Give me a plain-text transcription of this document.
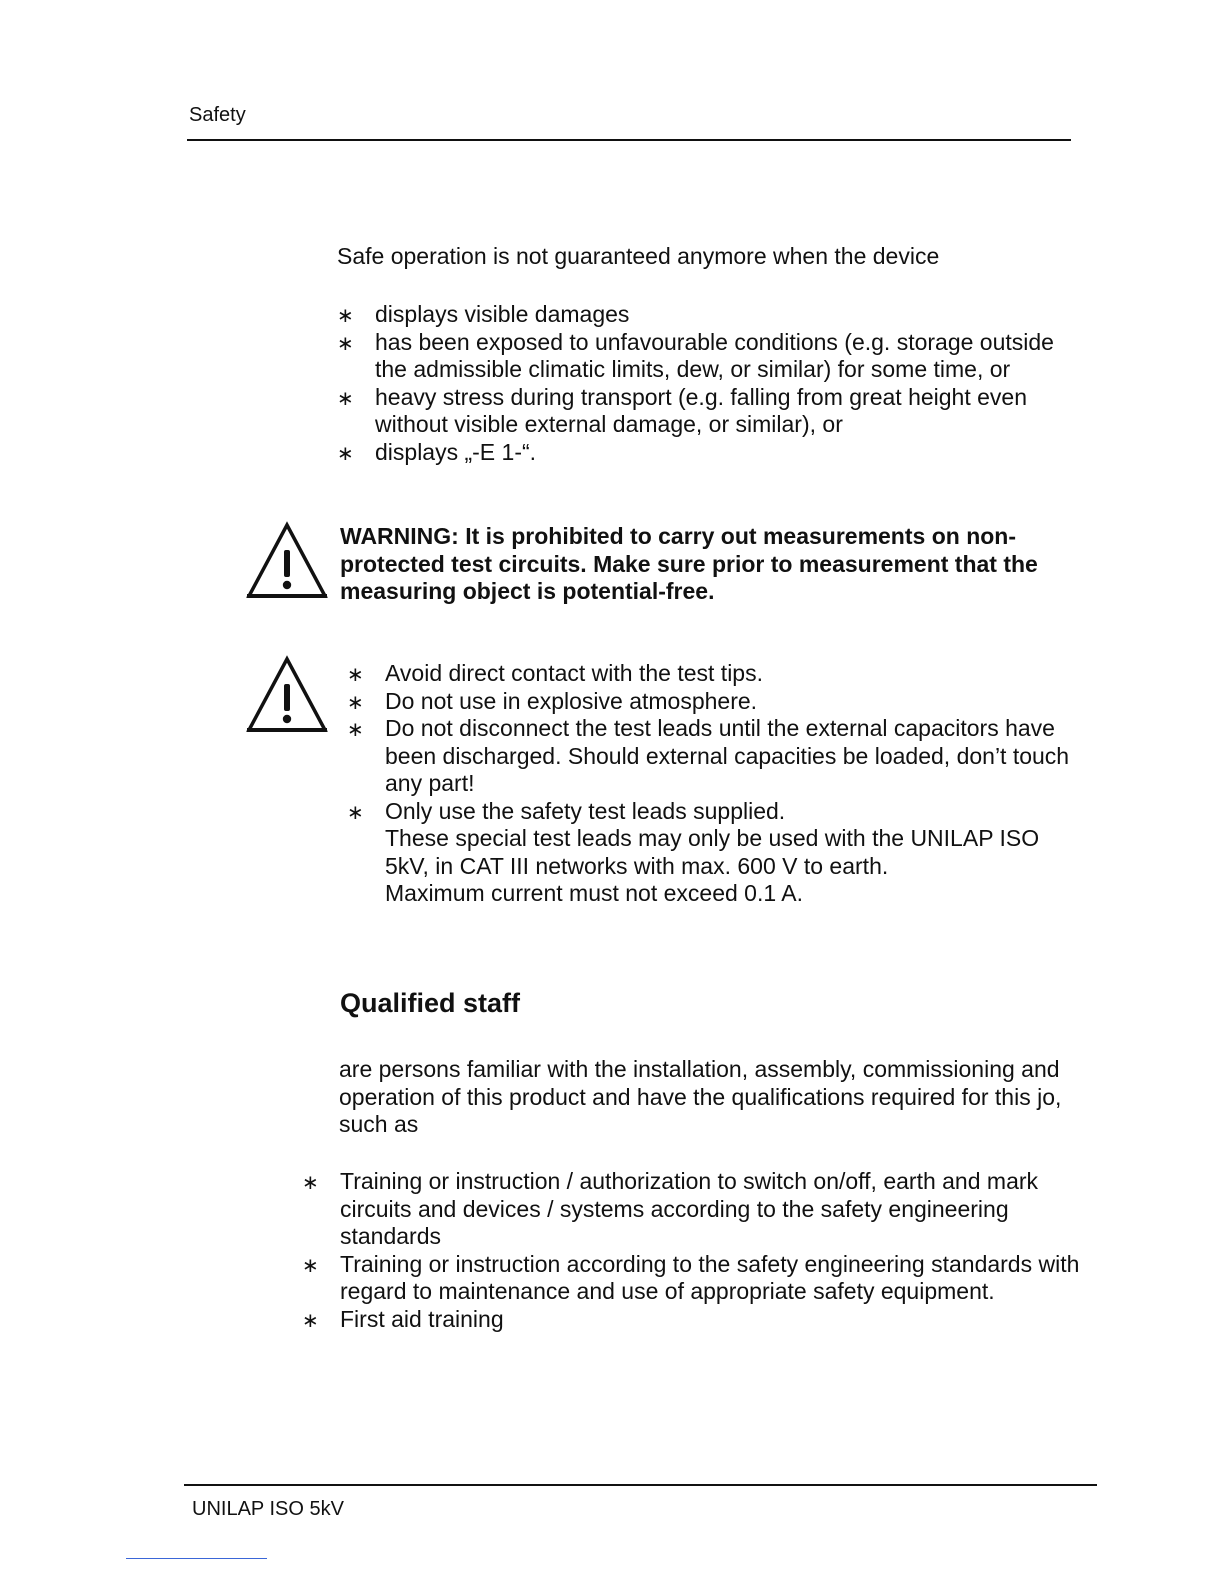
Safety
Safe operation is not guaranteed anymore when the device
∗ displays visible damages
∗ has been exposed to unfavourable conditions (e.g. storage outside the admissible climatic limits, dew, or similar) for some time, or
∗ heavy stress during transport (e.g. falling from great height even without visible external damage, or similar), or
∗ displays „-E 1-“.
WARNING: It is prohibited to carry out measurements on non-protected test circuits. Make sure prior to measurement that the measuring object is potential-free.
∗ Avoid direct contact with the test tips.
∗ Do not use in explosive atmosphere.
∗ Do not disconnect the test leads until the external capacitors have been discharged. Should external capacities be loaded, don’t touch any part!
∗ Only use the safety test leads supplied.
These special test leads may only be used with the UNILAP ISO 5kV, in CAT III networks with max. 600 V to earth.
Maximum current must not exceed 0.1 A.
Qualified staff
are persons familiar with the installation, assembly, commissioning and operation of this product and have the qualifications required for this jo, such as
∗ Training or instruction / authorization to switch on/off, earth and mark circuits and devices / systems according to the safety engineering standards
∗ Training or instruction according to the safety engineering standards with regard to maintenance and use of appropriate safety equipment.
∗ First aid training
UNILAP ISO 5kV
